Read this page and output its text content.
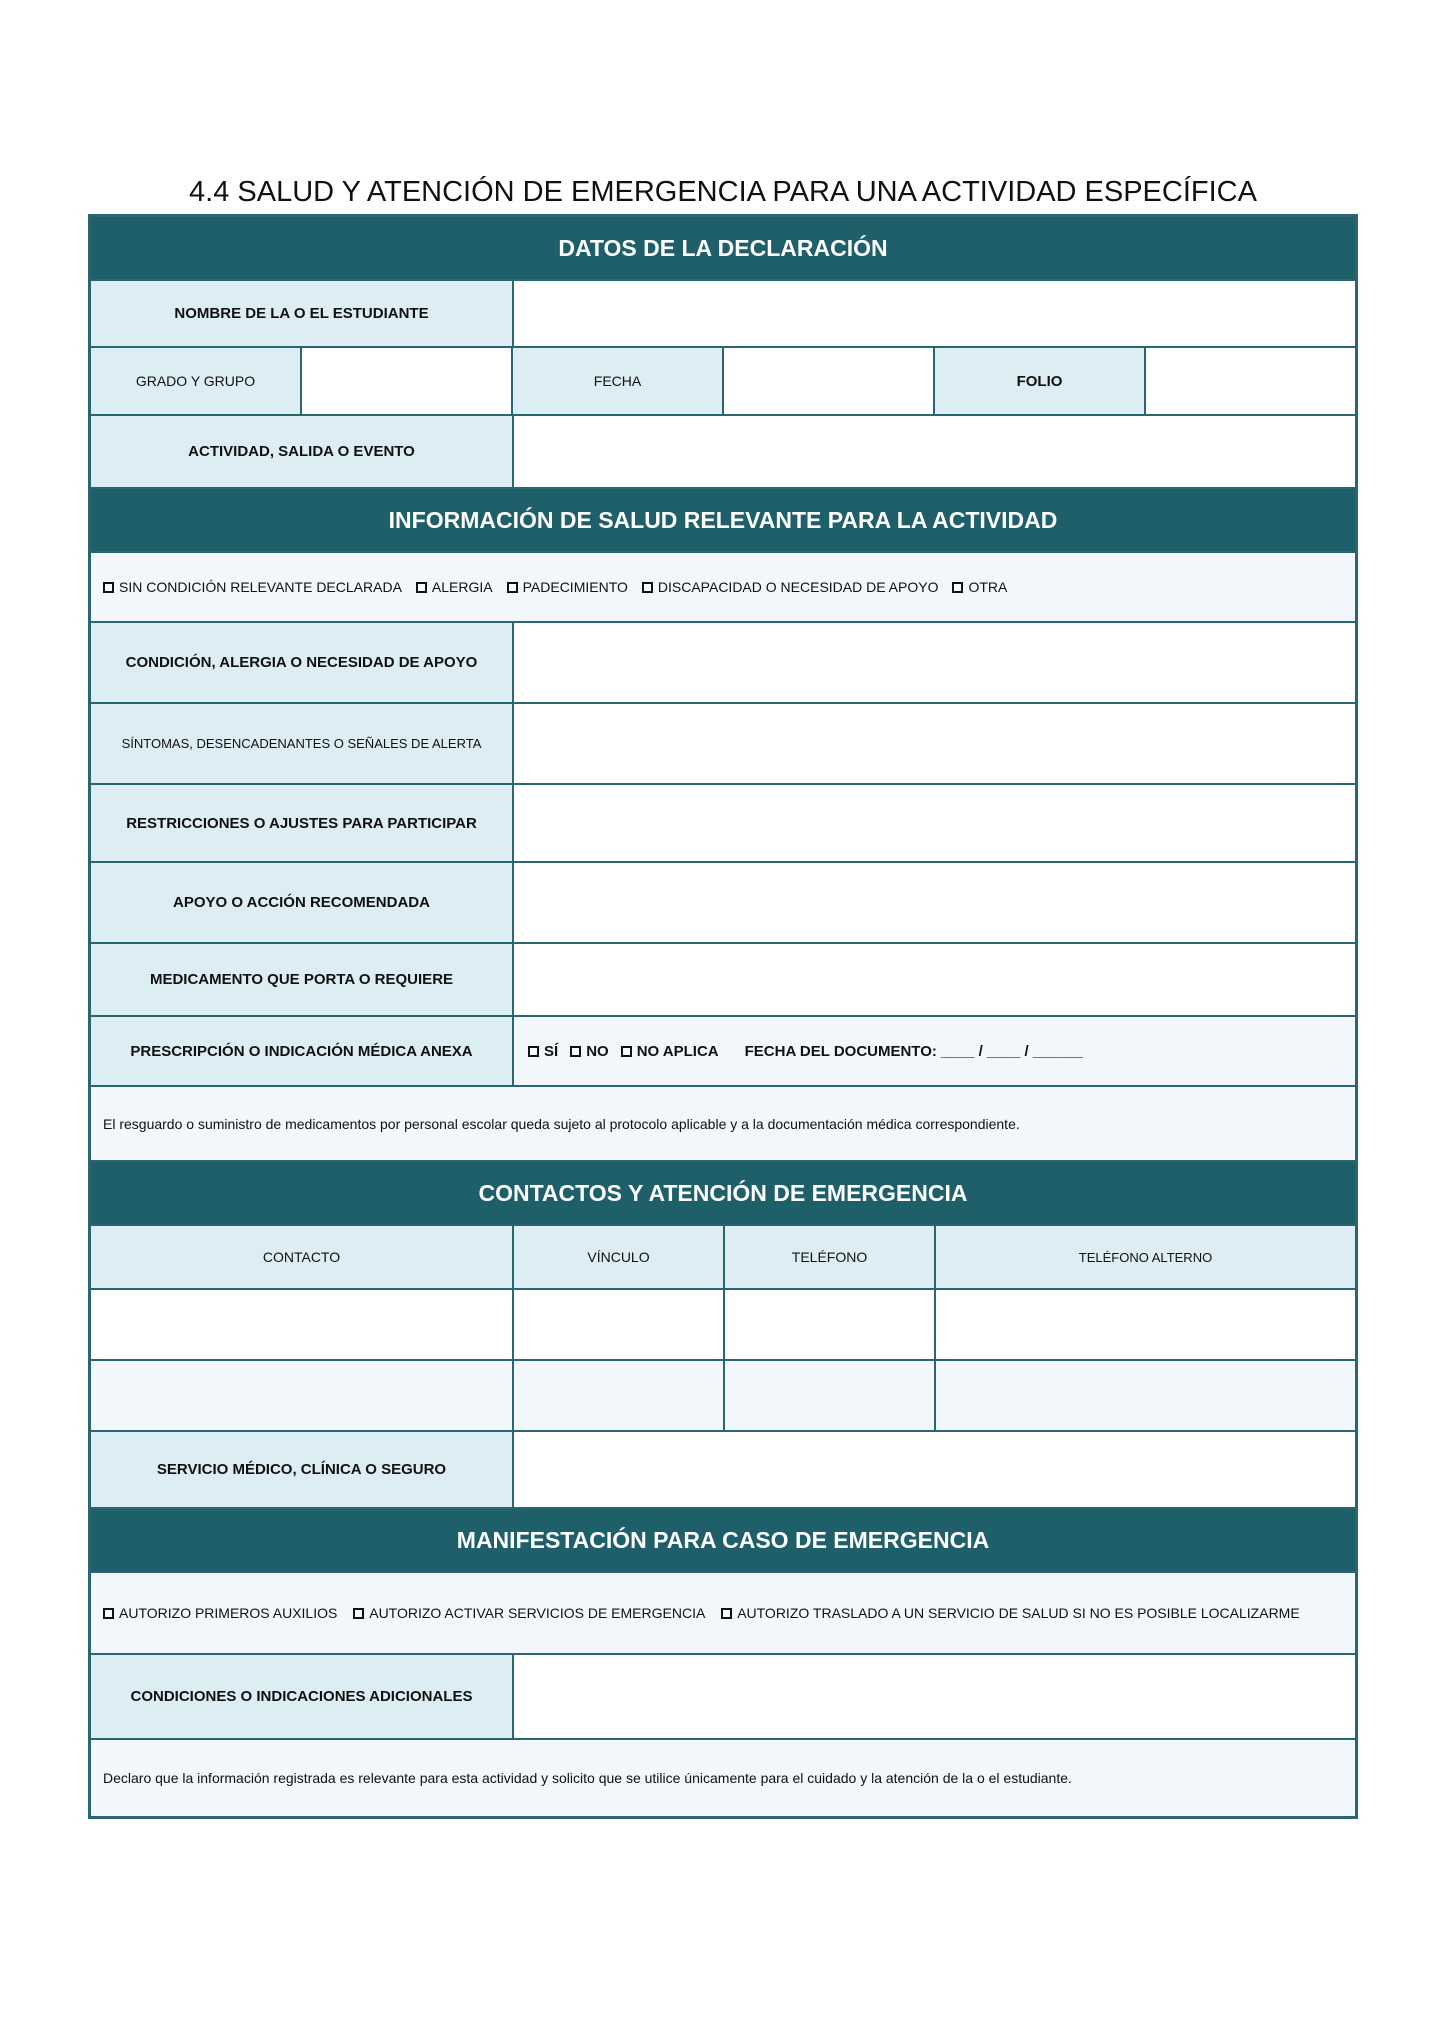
4.4 SALUD Y ATENCIÓN DE EMERGENCIA PARA UNA ACTIVIDAD ESPECÍFICA
DATOS DE LA DECLARACIÓN
NOMBRE DE LA O EL ESTUDIANTE
GRADO Y GRUPO	FECHA	FOLIO
ACTIVIDAD, SALIDA O EVENTO
INFORMACIÓN DE SALUD RELEVANTE PARA LA ACTIVIDAD
SIN CONDICIÓN RELEVANTE DECLARADA ALERGIA PADECIMIENTO DISCAPACIDAD O NECESIDAD DE APOYO OTRA
CONDICIÓN, ALERGIA O NECESIDAD DE APOYO
SÍNTOMAS, DESENCADENANTES O SEÑALES DE ALERTA
RESTRICCIONES O AJUSTES PARA PARTICIPAR
APOYO O ACCIÓN RECOMENDADA
MEDICAMENTO QUE PORTA O REQUIERE
PRESCRIPCIÓN O INDICACIÓN MÉDICA ANEXA	SÍ NO NO APLICA FECHA DEL DOCUMENTO: ____ / ____ / ______
El resguardo o suministro de medicamentos por personal escolar queda sujeto al protocolo aplicable y a la documentación médica correspondiente.
CONTACTOS Y ATENCIÓN DE EMERGENCIA
CONTACTO	VÍNCULO	TELÉFONO	TELÉFONO ALTERNO
SERVICIO MÉDICO, CLÍNICA O SEGURO
MANIFESTACIÓN PARA CASO DE EMERGENCIA
AUTORIZO PRIMEROS AUXILIOS AUTORIZO ACTIVAR SERVICIOS DE EMERGENCIA AUTORIZO TRASLADO A UN SERVICIO DE SALUD SI NO ES POSIBLE LOCALIZARME
CONDICIONES O INDICACIONES ADICIONALES
Declaro que la información registrada es relevante para esta actividad y solicito que se utilice únicamente para el cuidado y la atención de la o el estudiante.
